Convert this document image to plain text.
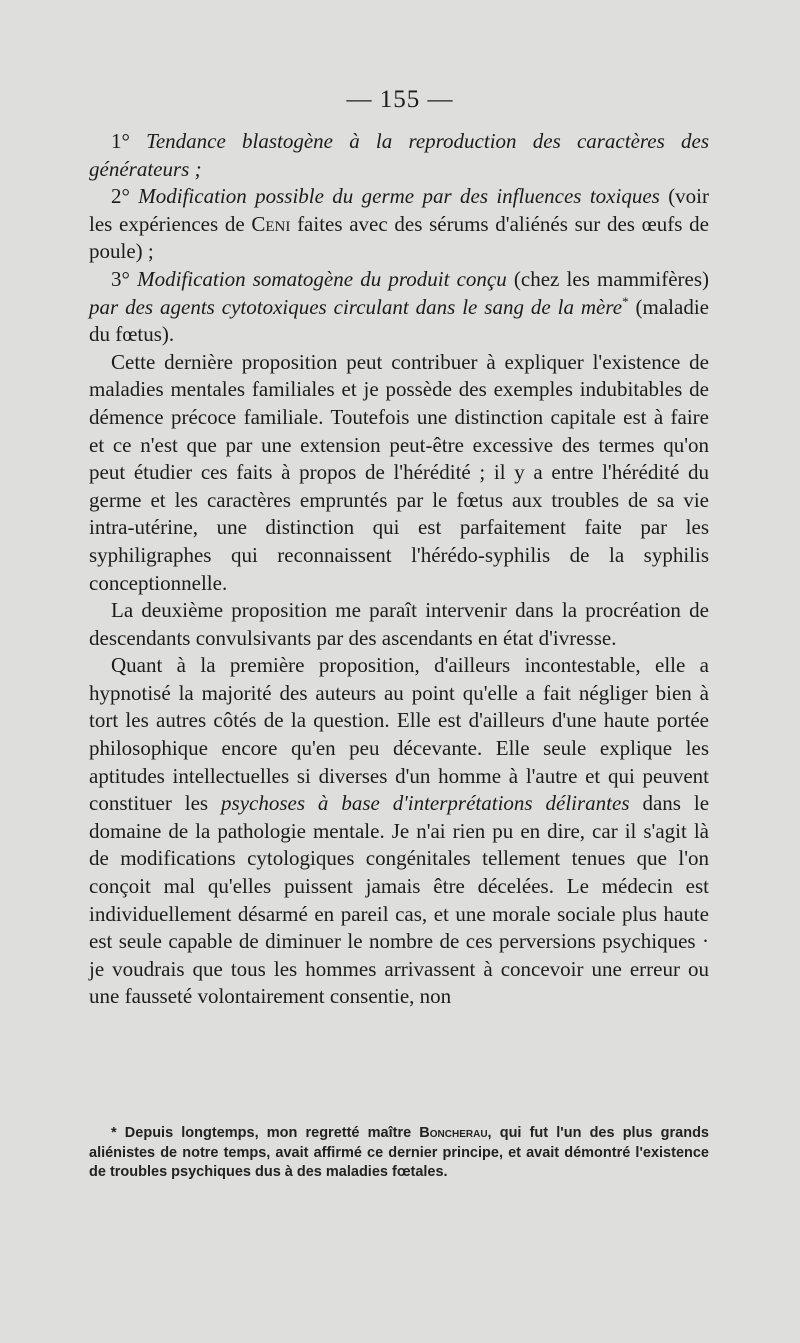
— 155 —

1° Tendance blastogène à la reproduction des caractères des générateurs ;

2° Modification possible du germe par des influences toxiques (voir les expériences de Ceni faites avec des sérums d'aliénés sur des œufs de poule) ;

3° Modification somatogène du produit conçu (chez les mammifères) par des agents cytotoxiques circulant dans le sang de la mère* (maladie du fœtus).

Cette dernière proposition peut contribuer à expliquer l'existence de maladies mentales familiales et je possède des exemples indubitables de démence précoce familiale. Toutefois une distinction capitale est à faire et ce n'est que par une extension peut-être excessive des termes qu'on peut étudier ces faits à propos de l'hérédité ; il y a entre l'hérédité du germe et les caractères empruntés par le fœtus aux troubles de sa vie intra-utérine, une distinction qui est parfaitement faite par les syphiligraphes qui reconnaissent l'hérédo-syphilis de la syphilis conceptionnelle.

La deuxième proposition me paraît intervenir dans la procréation de descendants convulsivants par des ascendants en état d'ivresse.

Quant à la première proposition, d'ailleurs incontestable, elle a hypnotisé la majorité des auteurs au point qu'elle a fait négliger bien à tort les autres côtés de la question. Elle est d'ailleurs d'une haute portée philosophique encore qu'en peu décevante. Elle seule explique les aptitudes intellectuelles si diverses d'un homme à l'autre et qui peuvent constituer les psychoses à base d'interprétations délirantes dans le domaine de la pathologie mentale. Je n'ai rien pu en dire, car il s'agit là de modifications cytologiques congénitales tellement tenues que l'on conçoit mal qu'elles puissent jamais être décelées. Le médecin est individuellement désarmé en pareil cas, et une morale sociale plus haute est seule capable de diminuer le nombre de ces perversions psychiques · je voudrais que tous les hommes arrivassent à concevoir une erreur ou une fausseté volontairement consentie, non

* Depuis longtemps, mon regretté maître Boncherau, qui fut l'un des plus grands aliénistes de notre temps, avait affirmé ce dernier principe, et avait démontré l'existence de troubles psychiques dus à des maladies fœtales.
